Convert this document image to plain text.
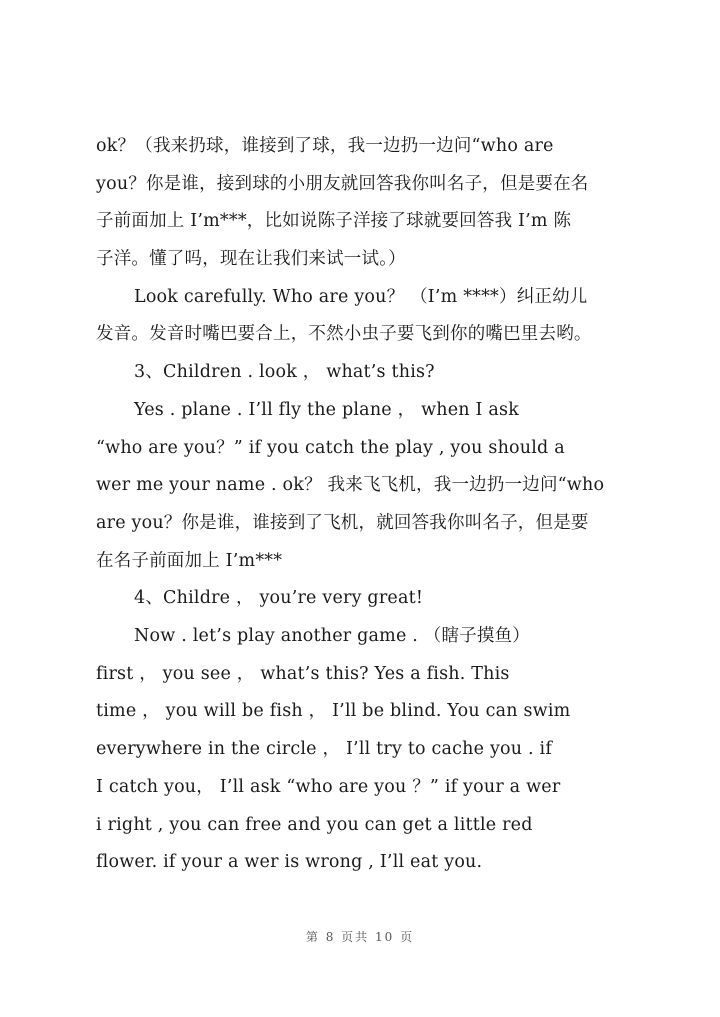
ok？（我来扔球，谁接到了球，我一边扔一边问“who are
you？你是谁，接到球的小朋友就回答我你叫名子，但是要在名
子前面加上 I’m***，比如说陈子洋接了球就要回答我 I’m 陈
子洋。懂了吗，现在让我们来试一试。）
Look carefully. Who are you？ （I’m ****）纠正幼儿
发音。发音时嘴巴要合上，不然小虫子要飞到你的嘴巴里去哟。
3、Children . look ， what’s this?
Yes . plane . I’ll fly the plane ， when I ask
“who are you？” if you catch the play , you should a
wer me your name . ok？ 我来飞飞机，我一边扔一边问“who
are you？你是谁，谁接到了飞机，就回答我你叫名子，但是要
在名子前面加上 I’m***
4、Childre ， you’re very great!
Now . let’s play another game . （瞎子摸鱼）
first ， you see ， what’s this? Yes a fish. This
time ， you will be fish ， I’ll be blind. You can swim
everywhere in the circle ， I’ll try to cache you . if
I catch you， I’ll ask “who are you ？” if your a wer
i right , you can free and you can get a little red
flower. if your a wer is wrong , I’ll eat you.
第 8 页共 10 页
